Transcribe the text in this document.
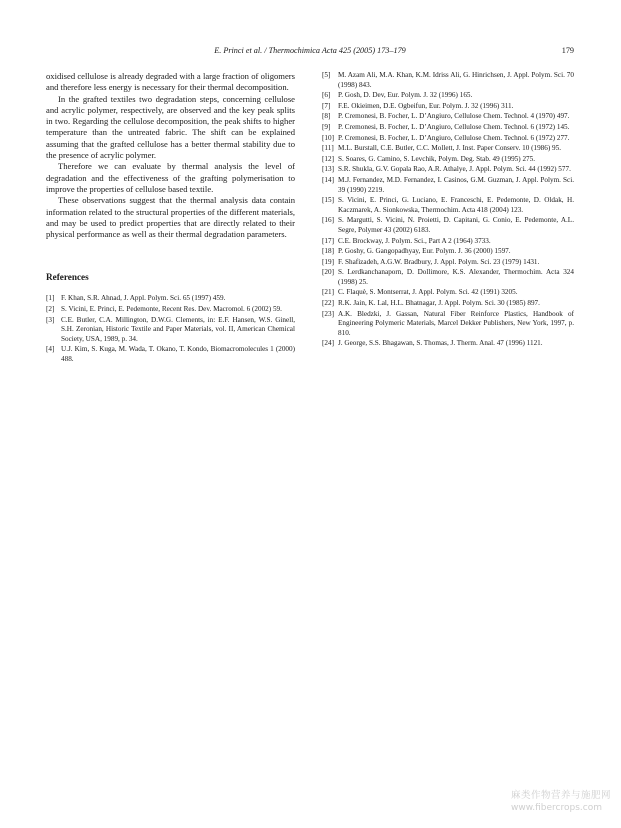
E. Princi et al. / Thermochimica Acta 425 (2005) 173–179	179

oxidised cellulose is already degraded with a large fraction of oligomers and therefore less energy is necessary for their thermal decomposition.

In the grafted textiles two degradation steps, concerning cellulose and acrylic polymer, respectively, are observed and the key peak splits in two. Regarding the cellulose decomposition, the peak shifts to higher temperature than the untreated fabric. The shift can be explained assuming that the grafted cellulose has a better thermal stability due to the presence of acrylic polymer.

Therefore we can evaluate by thermal analysis the level of degradation and the effectiveness of the grafting polymerisation to improve the properties of cellulose based textile.

These observations suggest that the thermal analysis data contain information related to the structural properties of the different materials, and may be used to predict properties that are directly related to their physical performance as well as their thermal degradation parameters.

References
[1] F. Khan, S.R. Ahnad, J. Appl. Polym. Sci. 65 (1997) 459.
[2] S. Vicini, E. Princi, E. Pedemonte, Recent Res. Dev. Macromol. 6 (2002) 59.
[3] C.E. Butler, C.A. Millington, D.W.G. Clements, in: E.F. Hansen, W.S. Ginell, S.H. Zeronian, Historic Textile and Paper Materials, vol. II, American Chemical Society, USA, 1989, p. 34.
[4] U.J. Kim, S. Kuga, M. Wada, T. Okano, T. Kondo, Biomacromolecules 1 (2000) 488.
[5]	M. Azam Ali, M.A. Khan, K.M. Idriss Ali, G. Hinrichsen, J. Appl. Polym. Sci. 70 (1998) 843.
[6]	P. Gosh, D. Dev, Eur. Polym. J. 32 (1996) 165.
[7]	F.E. Okieimen, D.E. Ogbeifun, Eur. Polym. J. 32 (1996) 311.
[8]	P. Cremonesi, B. Focher, L. D’Angiuro, Cellulose Chem. Technol. 4 (1970) 497.
[9]	P. Cremonesi, B. Focher, L. D’Angiuro, Cellulose Chem. Technol. 6 (1972) 145.
[10] P. Cremonesi, B. Focher, L. D’Angiuro, Cellulose Chem. Technol. 6 (1972) 277.
[11] M.L. Burstall, C.E. Butler, C.C. Mollett, J. Inst. Paper Conserv. 10 (1986) 95.
[12] S. Soares, G. Camino, S. Levchik, Polym. Deg. Stab. 49 (1995) 275.
[13] S.R. Shukla, G.V. Gopala Rao, A.R. Athalye, J. Appl. Polym. Sci. 44 (1992) 577.
[14] M.J. Fernandez, M.D. Fernandez, I. Casinos, G.M. Guzman, J. Appl. Polym. Sci. 39 (1990) 2219.
[15] S. Vicini, E. Princi, G. Luciano, E. Franceschi, E. Pedemonte, D. Oldak, H. Kaczmarek, A. Sionkowska, Thermochim. Acta 418 (2004) 123.
[16] S. Margutti, S. Vicini, N. Proietti, D. Capitani, G. Conio, E. Pedemonte, A.L. Segre, Polymer 43 (2002) 6183.
[17] C.E. Brockway, J. Polym. Sci., Part A 2 (1964) 3733.
[18] P. Goshy, G. Gangopadhyay, Eur. Polym. J. 36 (2000) 1597.
[19] F. Shafizadeh, A.G.W. Bradbury, J. Appl. Polym. Sci. 23 (1979) 1431.
[20] S. Lerdkanchanaporn, D. Dollimore, K.S. Alexander, Thermochim. Acta 324 (1998) 25.
[21] C. Flaquè, S. Montserrat, J. Appl. Polym. Sci. 42 (1991) 3205.
[22] R.K. Jain, K. Lal, H.L. Bhatnagar, J. Appl. Polym. Sci. 30 (1985) 897.
[23] A.K. Bledzki, J. Gassan, Natural Fiber Reinforce Plastics, Handbook of Engineering Polymeric Materials, Marcel Dekker Publishers, New York, 1997, p. 810.
[24] J. George, S.S. Bhagawan, S. Thomas, J. Therm. Anal. 47 (1996) 1121.
麻类作物营养与施肥网
www.fibercrops.com
